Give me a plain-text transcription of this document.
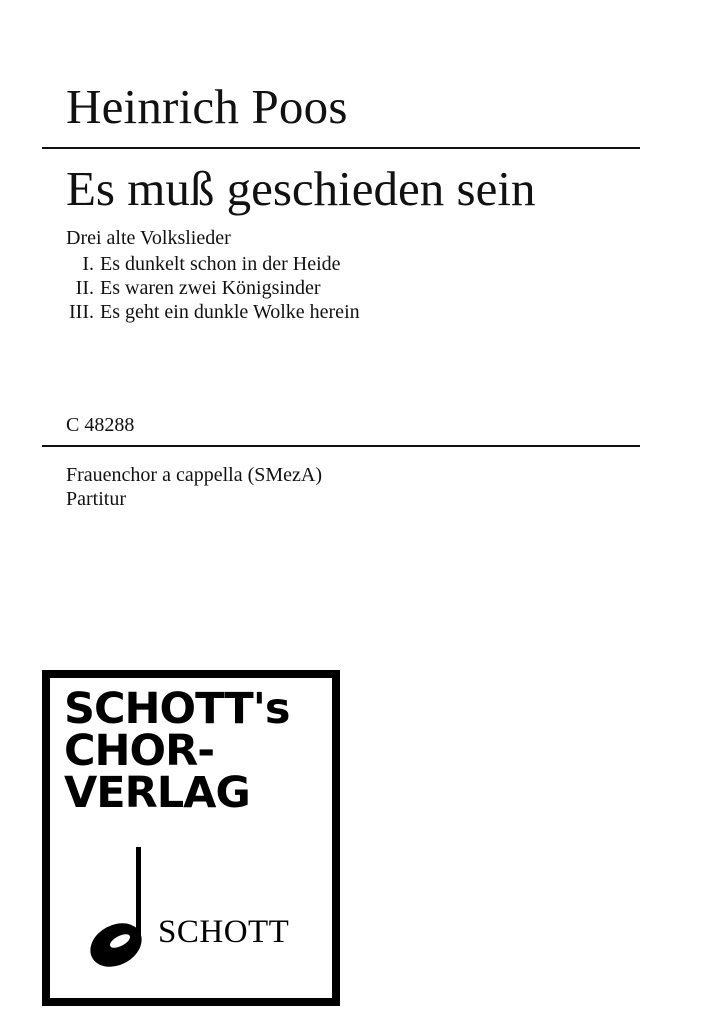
Heinrich Poos
Es muß geschieden sein
Drei alte Volkslieder
I. Es dunkelt schon in der Heide
II. Es waren zwei Königsinder
III. Es geht ein dunkle Wolke herein
C 48288
Frauenchor a cappella (SMezA)
Partitur
SCHOTT's
CHOR-
VERLAG
SCHOTT
